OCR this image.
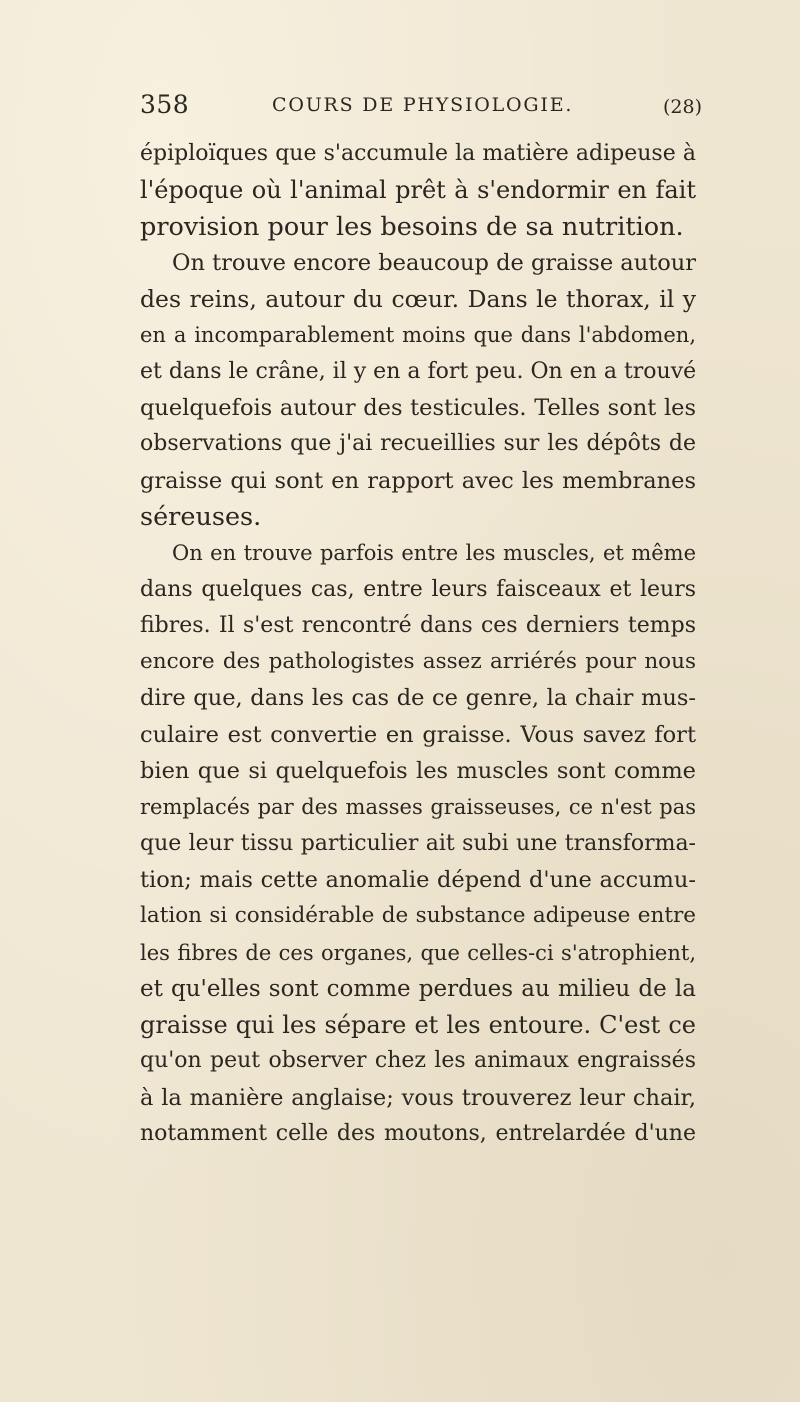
358	COURS DE PHYSIOLOGIE.	(28)
épiploïques que s'accumule la matière adipeuse à
l'époque où l'animal prêt à s'endormir en fait
provision pour les besoins de sa nutrition.
On trouve encore beaucoup de graisse autour
des reins, autour du cœur. Dans le thorax, il y
en a incomparablement moins que dans l'abdomen,
et dans le crâne, il y en a fort peu. On en a trouvé
quelquefois autour des testicules. Telles sont les
observations que j'ai recueillies sur les dépôts de
graisse qui sont en rapport avec les membranes
séreuses.
On en trouve parfois entre les muscles, et même
dans quelques cas, entre leurs faisceaux et leurs
fibres. Il s'est rencontré dans ces derniers temps
encore des pathologistes assez arriérés pour nous
dire que, dans les cas de ce genre, la chair mus-
culaire est convertie en graisse. Vous savez fort
bien que si quelquefois les muscles sont comme
remplacés par des masses graisseuses, ce n'est pas
que leur tissu particulier ait subi une transforma-
tion; mais cette anomalie dépend d'une accumu-
lation si considérable de substance adipeuse entre
les fibres de ces organes, que celles-ci s'atrophient,
et qu'elles sont comme perdues au milieu de la
graisse qui les sépare et les entoure. C'est ce
qu'on peut observer chez les animaux engraissés
à la manière anglaise; vous trouverez leur chair,
notamment celle des moutons, entrelardée d'une
